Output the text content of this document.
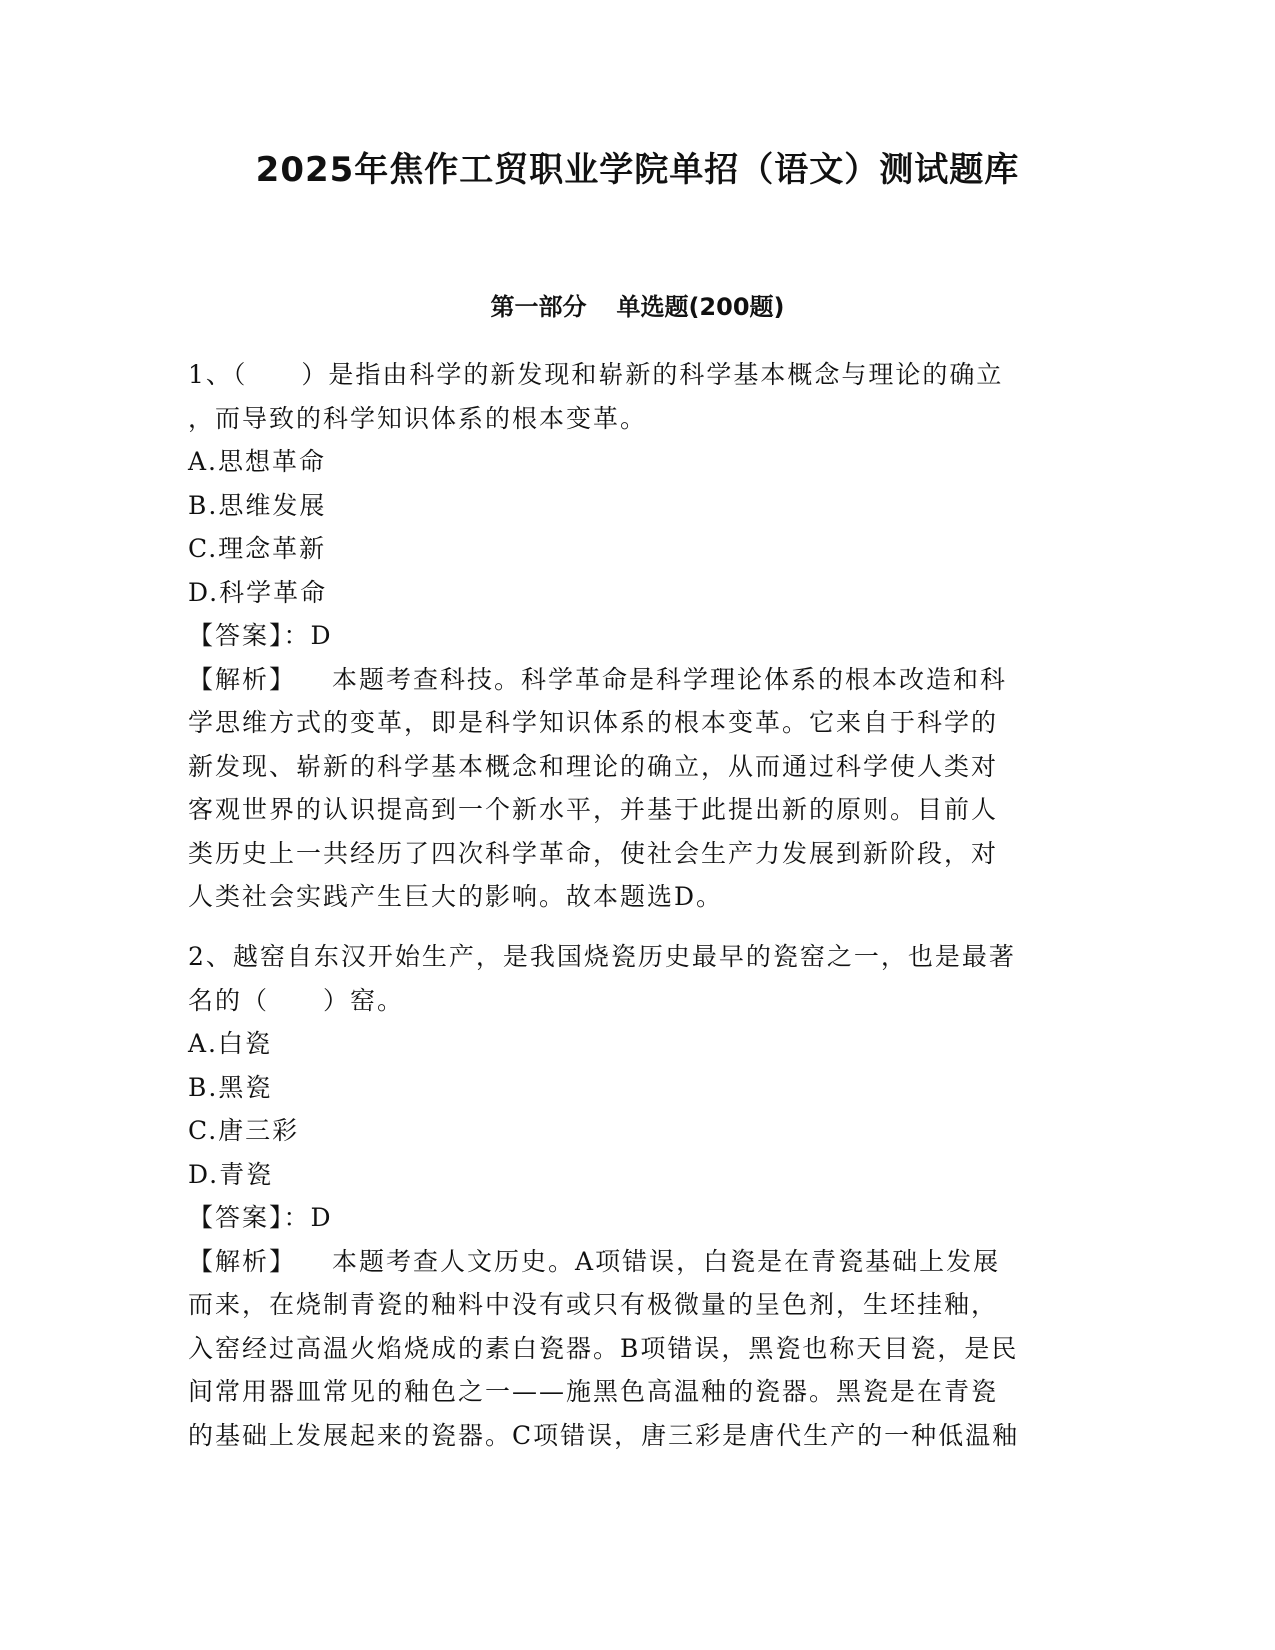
2025年焦作工贸职业学院单招（语文）测试题库
第一部分 单选题(200题)
1、（　　）是指由科学的新发现和崭新的科学基本概念与理论的确立
，而导致的科学知识体系的根本变革。
A.思想革命
B.思维发展
C.理念革新
D.科学革命
【答案】：D
【解析】 本题考查科技。科学革命是科学理论体系的根本改造和科
学思维方式的变革，即是科学知识体系的根本变革。它来自于科学的
新发现、崭新的科学基本概念和理论的确立，从而通过科学使人类对
客观世界的认识提高到一个新水平，并基于此提出新的原则。目前人
类历史上一共经历了四次科学革命，使社会生产力发展到新阶段，对
人类社会实践产生巨大的影响。故本题选D。
2、越窑自东汉开始生产，是我国烧瓷历史最早的瓷窑之一，也是最著
名的（　　）窑。
A.白瓷
B.黑瓷
C.唐三彩
D.青瓷
【答案】：D
【解析】 本题考查人文历史。A项错误，白瓷是在青瓷基础上发展
而来，在烧制青瓷的釉料中没有或只有极微量的呈色剂，生坯挂釉，
入窑经过高温火焰烧成的素白瓷器。B项错误，黑瓷也称天目瓷，是民
间常用器皿常见的釉色之一——施黑色高温釉的瓷器。黑瓷是在青瓷
的基础上发展起来的瓷器。C项错误，唐三彩是唐代生产的一种低温釉
